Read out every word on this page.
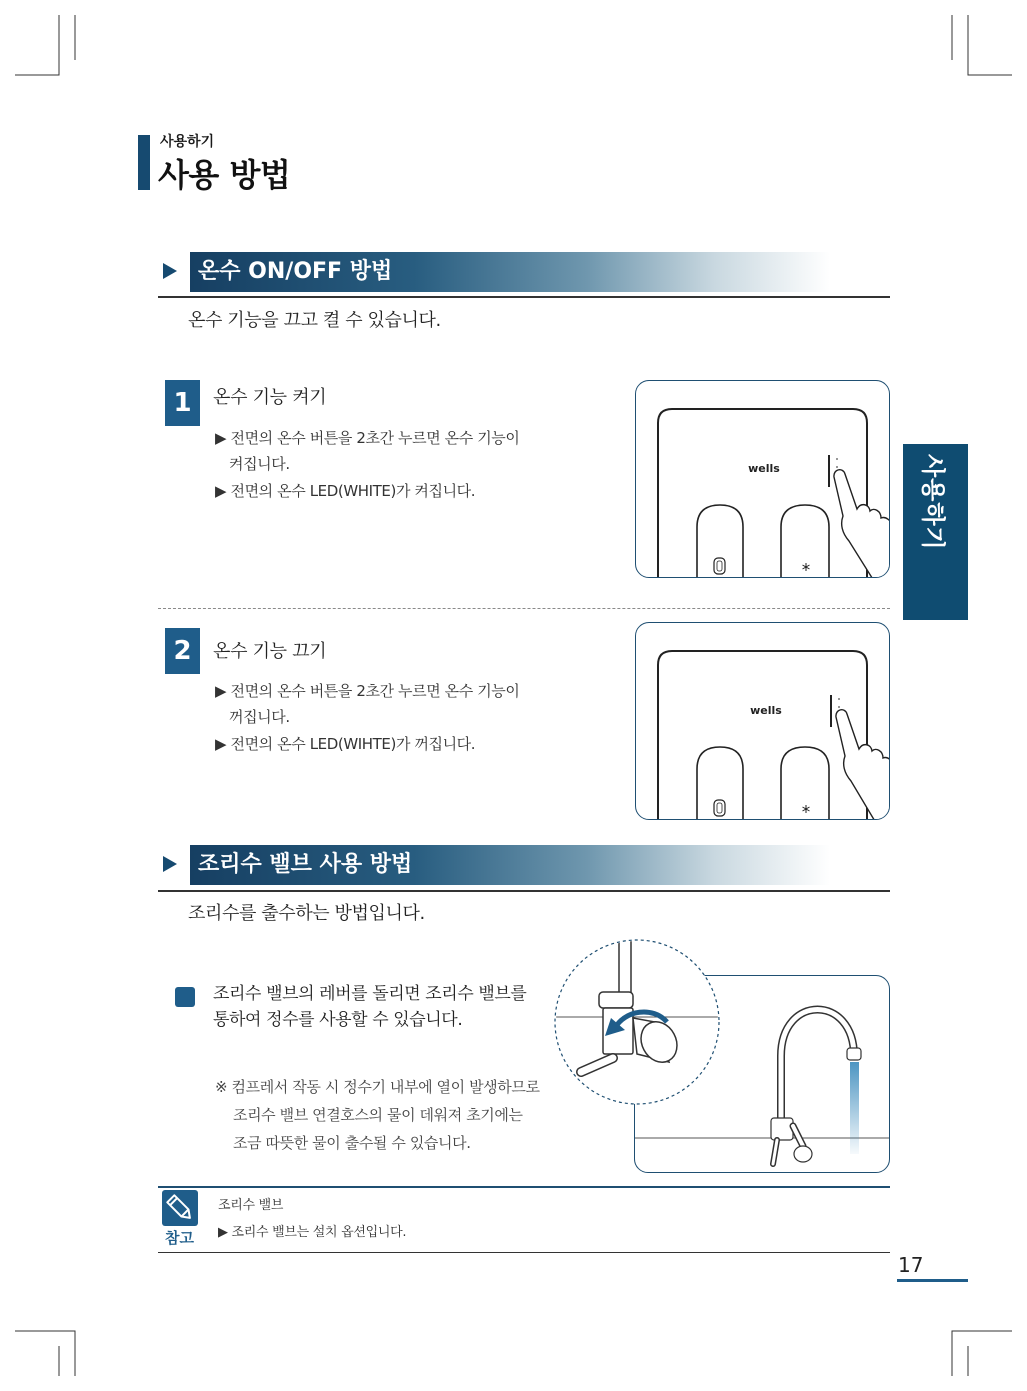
사용하기
사용 방법
사용하기
온수 ON/OFF 방법
온수 기능을 끄고 켤 수 있습니다.
1	온수 기능 켜기
▶ 전면의 온수 버튼을 2초간 누르면 온수 기능이
켜집니다.
▶ 전면의 온수 LED(WHITE)가 켜집니다.
wells
2	온수 기능 끄기
▶ 전면의 온수 버튼을 2초간 누르면 온수 기능이
꺼집니다.
▶ 전면의 온수 LED(WIHTE)가 꺼집니다.
wells
조리수 밸브 사용 방법
조리수를 출수하는 방법입니다.
조리수 밸브의 레버를 돌리면 조리수 밸브를
통하여 정수를 사용할 수 있습니다.
※ 컴프레서 작동 시 정수기 내부에 열이 발생하므로
조리수 밸브 연결호스의 물이 데워져 초기에는
조금 따뜻한 물이 출수될 수 있습니다.
참고
조리수 밸브
▶ 조리수 밸브는 설치 옵션입니다.
17
